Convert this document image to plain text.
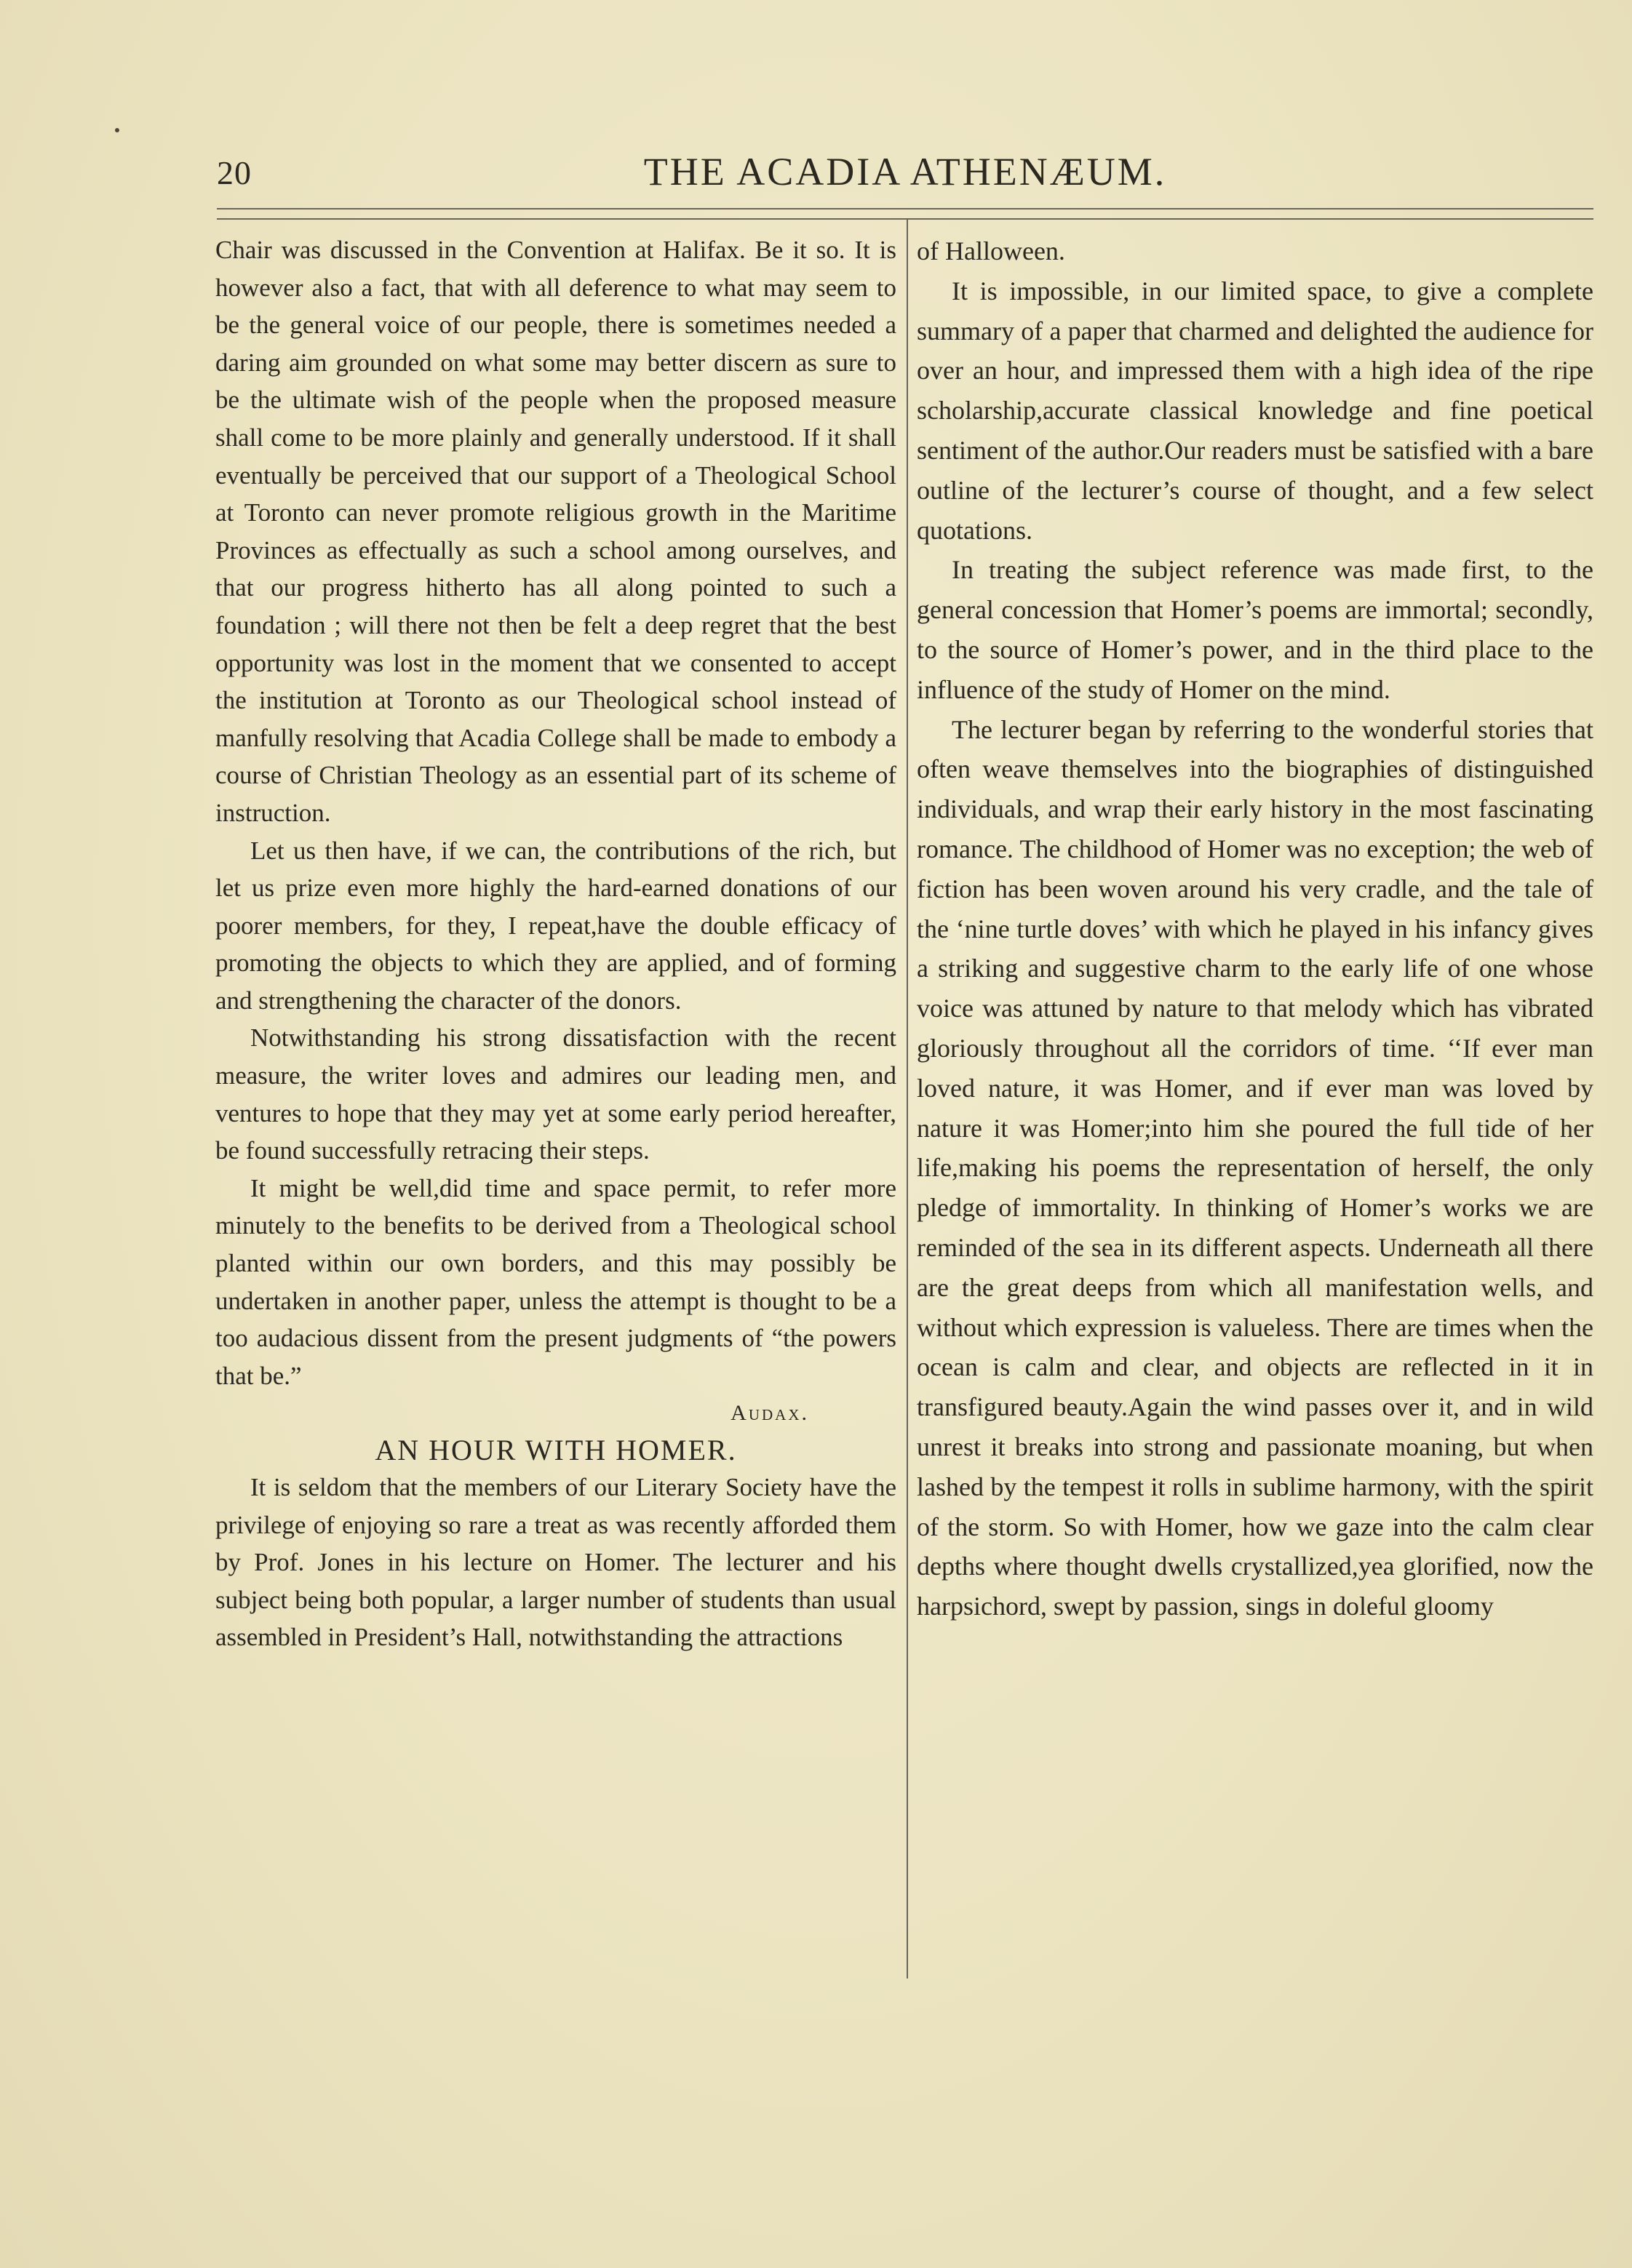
20	THE ACADIA ATHENÆUM.

Chair was discussed in the Convention at Halifax. Be it so. It is however also a fact, that with all deference to what may seem to be the general voice of our people, there is sometimes needed a daring aim grounded on what some may better discern as sure to be the ultimate wish of the people when the proposed measure shall come to be more plainly and generally understood. If it shall eventually be perceived that our support of a Theological School at Toronto can never promote religious growth in the Maritime Provinces as effectually as such a school among ourselves, and that our progress hitherto has all along pointed to such a foundation ; will there not then be felt a deep regret that the best opportunity was lost in the moment that we consented to accept the institution at Toronto as our Theological school instead of manfully resolving that Acadia College shall be made to embody a course of Christian Theology as an essential part of its scheme of instruction.

Let us then have, if we can, the contributions of the rich, but let us prize even more highly the hard-earned donations of our poorer members, for they, I repeat,have the double efficacy of promoting the objects to which they are applied, and of forming and strengthening the character of the donors.

Notwithstanding his strong dissatisfaction with the recent measure, the writer loves and admires our leading men, and ventures to hope that they may yet at some early period hereafter, be found successfully retracing their steps.

It might be well,did time and space permit, to refer more minutely to the benefits to be derived from a Theological school planted within our own borders, and this may possibly be undertaken in another paper, unless the attempt is thought to be a too audacious dissent from the present judgments of “the powers that be.”

Audax.

AN HOUR WITH HOMER.

It is seldom that the members of our Literary Society have the privilege of enjoying so rare a treat as was recently afforded them by Prof. Jones in his lecture on Homer. The lecturer and his subject being both popular, a larger number of students than usual assembled in President’s Hall, notwithstanding the attractions

of Halloween.

It is impossible, in our limited space, to give a complete summary of a paper that charmed and delighted the audience for over an hour, and impressed them with a high idea of the ripe scholarship,accurate classical knowledge and fine poetical sentiment of the author.Our readers must be satisfied with a bare outline of the lecturer’s course of thought, and a few select quotations.

In treating the subject reference was made first, to the general concession that Homer’s poems are immortal; secondly, to the source of Homer’s power, and in the third place to the influence of the study of Homer on the mind.

The lecturer began by referring to the wonderful stories that often weave themselves into the biographies of distinguished individuals, and wrap their early history in the most fascinating romance. The childhood of Homer was no exception; the web of fiction has been woven around his very cradle, and the tale of the ‘nine turtle doves’ with which he played in his infancy gives a striking and suggestive charm to the early life of one whose voice was attuned by nature to that melody which has vibrated gloriously throughout all the corridors of time. ‘‘If ever man loved nature, it was Homer, and if ever man was loved by nature it was Homer;into him she poured the full tide of her life,making his poems the representation of herself, the only pledge of immortality. In thinking of Homer’s works we are reminded of the sea in its different aspects. Underneath all there are the great deeps from which all manifestation wells, and without which expression is valueless. There are times when the ocean is calm and clear, and objects are reflected in it in transfigured beauty.Again the wind passes over it, and in wild unrest it breaks into strong and passionate moaning, but when lashed by the tempest it rolls in sublime harmony, with the spirit of the storm. So with Homer, how we gaze into the calm clear depths where thought dwells crystallized,yea glorified, now the harpsichord, swept by passion, sings in doleful gloomy
